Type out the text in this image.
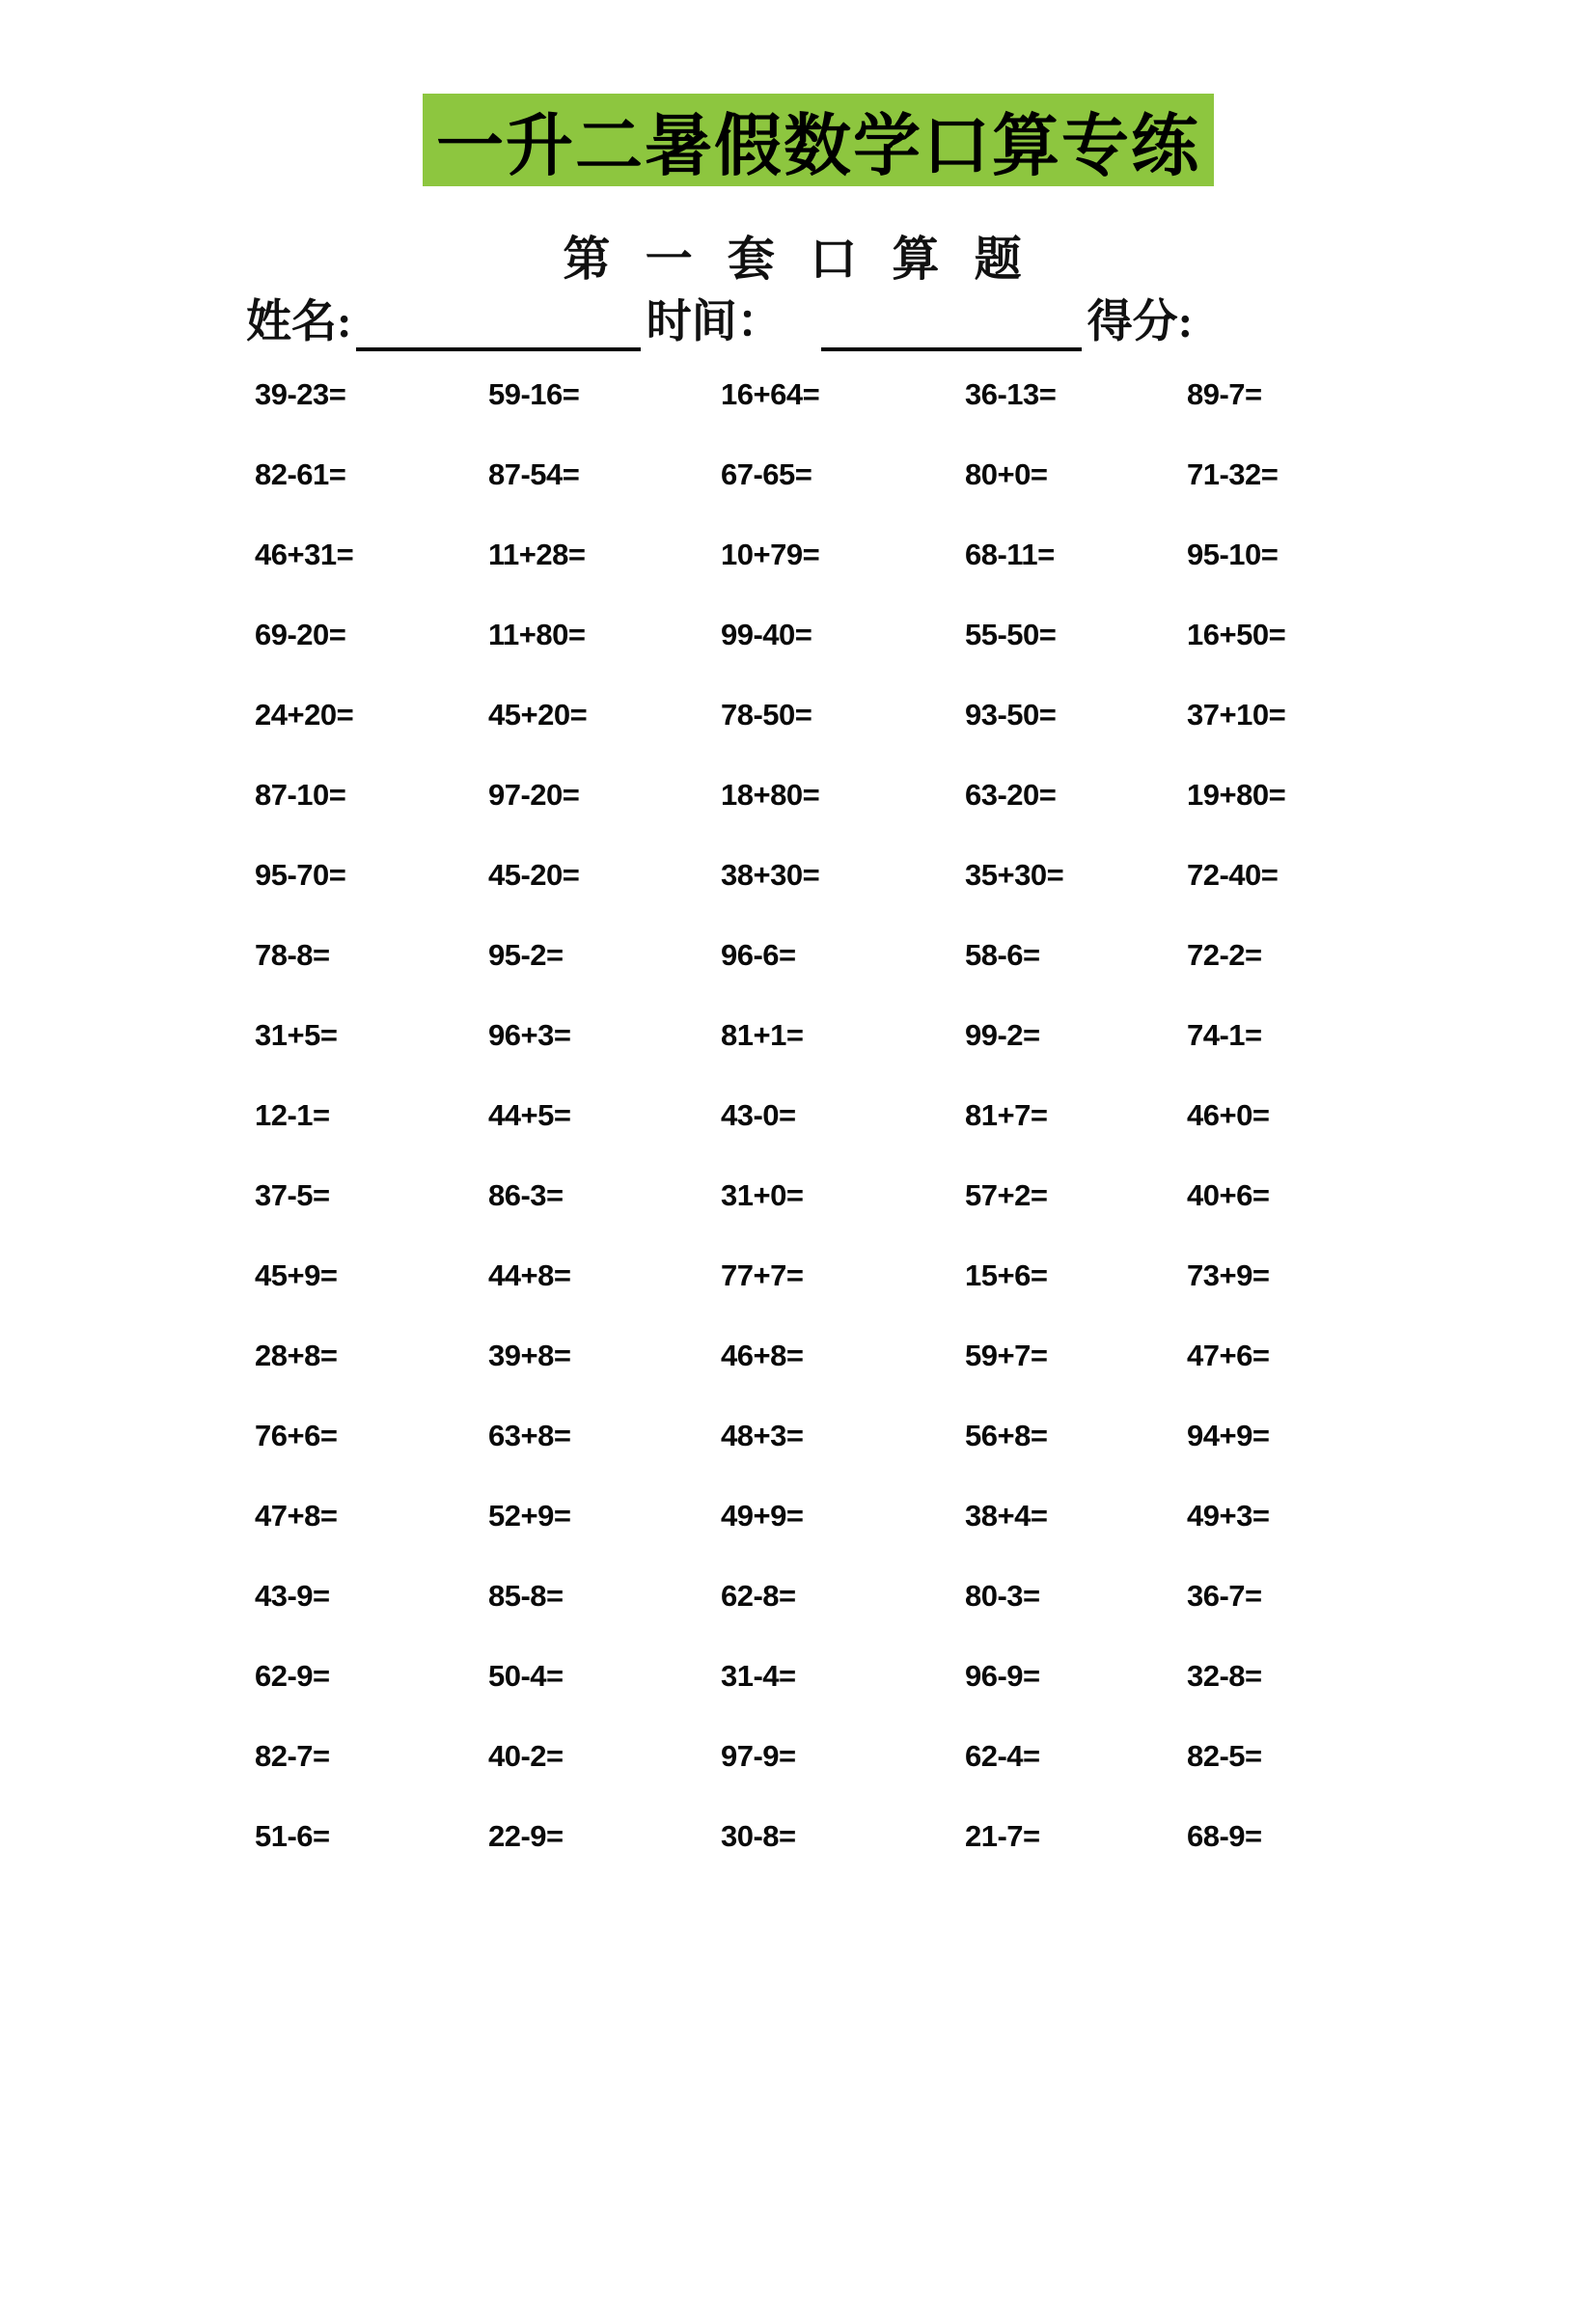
一升二暑假数学口算专练
第 一 套 口 算 题
姓名:	时间：	得分:
39-23=	59-16=	16+64=	36-13=	89-7=
82-61=	87-54=	67-65=	80+0=	71-32=
46+31=	11+28=	10+79=	68-11=	95-10=
69-20=	11+80=	99-40=	55-50=	16+50=
24+20=	45+20=	78-50=	93-50=	37+10=
87-10=	97-20=	18+80=	63-20=	19+80=
95-70=	45-20=	38+30=	35+30=	72-40=
78-8=	95-2=	96-6=	58-6=	72-2=
31+5=	96+3=	81+1=	99-2=	74-1=
12-1=	44+5=	43-0=	81+7=	46+0=
37-5=	86-3=	31+0=	57+2=	40+6=
45+9=	44+8=	77+7=	15+6=	73+9=
28+8=	39+8=	46+8=	59+7=	47+6=
76+6=	63+8=	48+3=	56+8=	94+9=
47+8=	52+9=	49+9=	38+4=	49+3=
43-9=	85-8=	62-8=	80-3=	36-7=
62-9=	50-4=	31-4=	96-9=	32-8=
82-7=	40-2=	97-9=	62-4=	82-5=
51-6=	22-9=	30-8=	21-7=	68-9=
